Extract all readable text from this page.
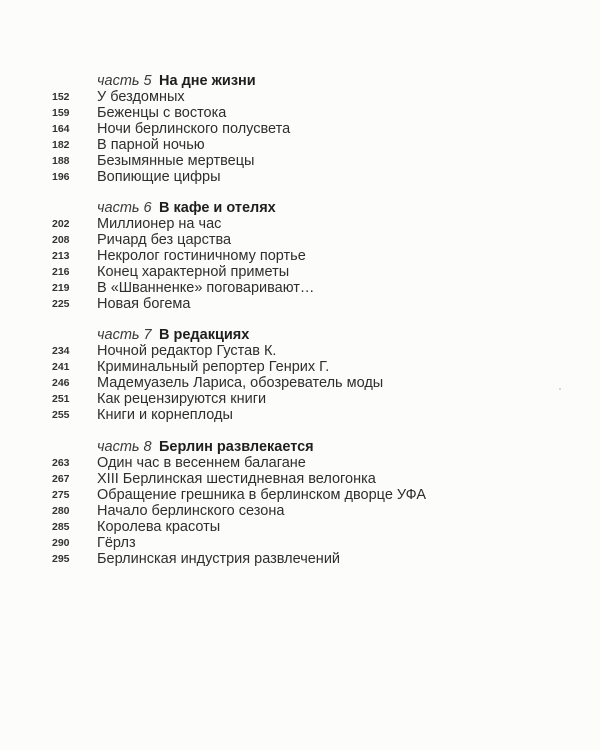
часть 5 На дне жизни
152 У бездомных
159 Беженцы с востока
164 Ночи берлинского полусвета
182 В парной ночью
188 Безымянные мертвецы
196 Вопиющие цифры
часть 6 В кафе и отелях
202 Миллионер на час
208 Ричард без царства
213 Некролог гостиничному портье
216 Конец характерной приметы
219 В «Шванненке» поговаривают…
225 Новая богема
часть 7 В редакциях
234 Ночной редактор Густав К.
241 Криминальный репортер Генрих Г.
246 Мадемуазель Лариса, обозреватель моды
251 Как рецензируются книги
255 Книги и корнеплоды
часть 8 Берлин развлекается
263 Один час в весеннем балагане
267 XIII Берлинская шестидневная велогонка
275 Обращение грешника в берлинском дворце УФА
280 Начало берлинского сезона
285 Королева красоты
290 Гёрлз
295 Берлинская индустрия развлечений
